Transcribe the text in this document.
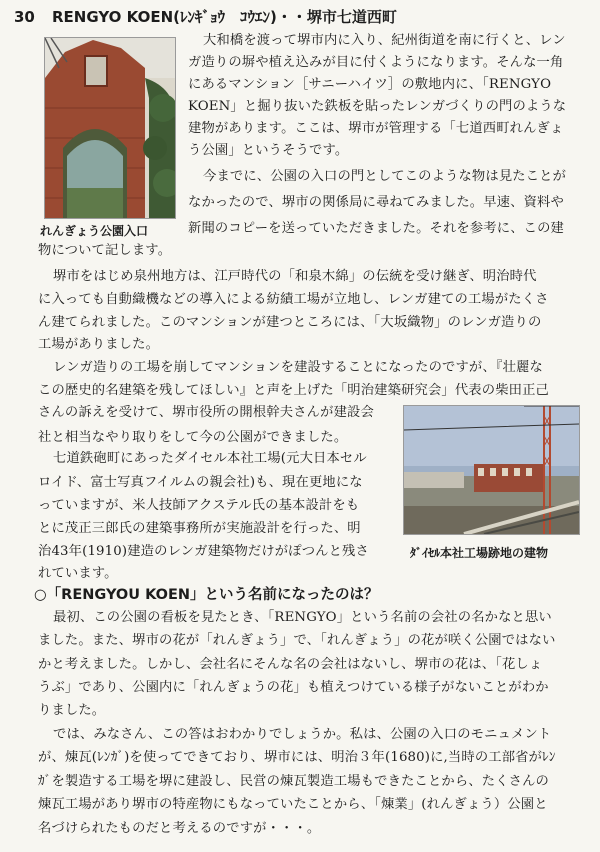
30 RENGYO KOEN(ﾚﾝｷﾞｮｳ　ｺｳｴﾝ)・・堺市七道西町
れんぎょう公園入口
ﾀﾞｲｾﾙ本社工場跡地の建物
大和橋を渡って堺市内に入り、紀州街道を南に行くと、レン
ガ造りの塀や植え込みが目に付くようになります。そんな一角
にあるマンション［サニーハイツ］の敷地内に、「RENGYO
KOEN」と掘り抜いた鉄板を貼ったレンガづくりの門のような
建物があります。ここは、堺市が管理する「七道西町れんぎょ
う公園」というそうです。
今までに、公園の入口の門としてこのような物は見たことが
なかったので、堺市の関係局に尋ねてみました。早速、資料や
新聞のコピーを送っていただきました。それを参考に、この建
物について記します。
堺市をはじめ泉州地方は、江戸時代の「和泉木綿」の伝統を受け継ぎ、明治時代
に入っても自動織機などの導入による紡績工場が立地し、レンガ建ての工場がたくさ
ん建てられました。このマンションが建つところには、「大坂織物」のレンガ造りの
工場がありました。
レンガ造りの工場を崩してマンションを建設することになったのですが、『壮麗な
この歴史的名建築を残してほしい』と声を上げた「明治建築研究会」代表の柴田正己
さんの訴えを受けて、堺市役所の開根幹夫さんが建設会
社と相当なやり取りをして今の公園ができました。
七道鉄砲町にあったダイセル本社工場(元大日本セル
ロイド、富士写真フイルムの親会社)も、現在更地にな
っていますが、米人技師アクステル氏の基本設計をも
とに茂正三郎氏の建築事務所が実施設計を行った、明
治43年(1910)建造のレンガ建築物だけがぽつんと残さ
れています。
○「RENGYOU KOEN」という名前になったのは？
最初、この公園の看板を見たとき、「RENGYO」という名前の会社の名かなと思い
ました。また、堺市の花が「れんぎょう」で、「れんぎょう」の花が咲く公園ではない
かと考えました。しかし、会社名にそんな名の会社はないし、堺市の花は、「花しょ
うぶ」であり、公園内に「れんぎょうの花」も植えつけている様子がないことがわか
りました。
では、みなさん、この答はおわかりでしょうか。私は、公園の入口のモニュメント
が、煉瓦(ﾚﾝｶﾞ)を使ってできており、堺市には、明治３年(1680)に,当時の工部省がﾚﾝ
ｶﾞを製造する工場を堺に建設し、民営の煉瓦製造工場もできたことから、たくさんの
煉瓦工場があり堺市の特産物にもなっていたことから、「煉業」(れんぎょう）公園と
名づけられたものだと考えるのですが・・・。
